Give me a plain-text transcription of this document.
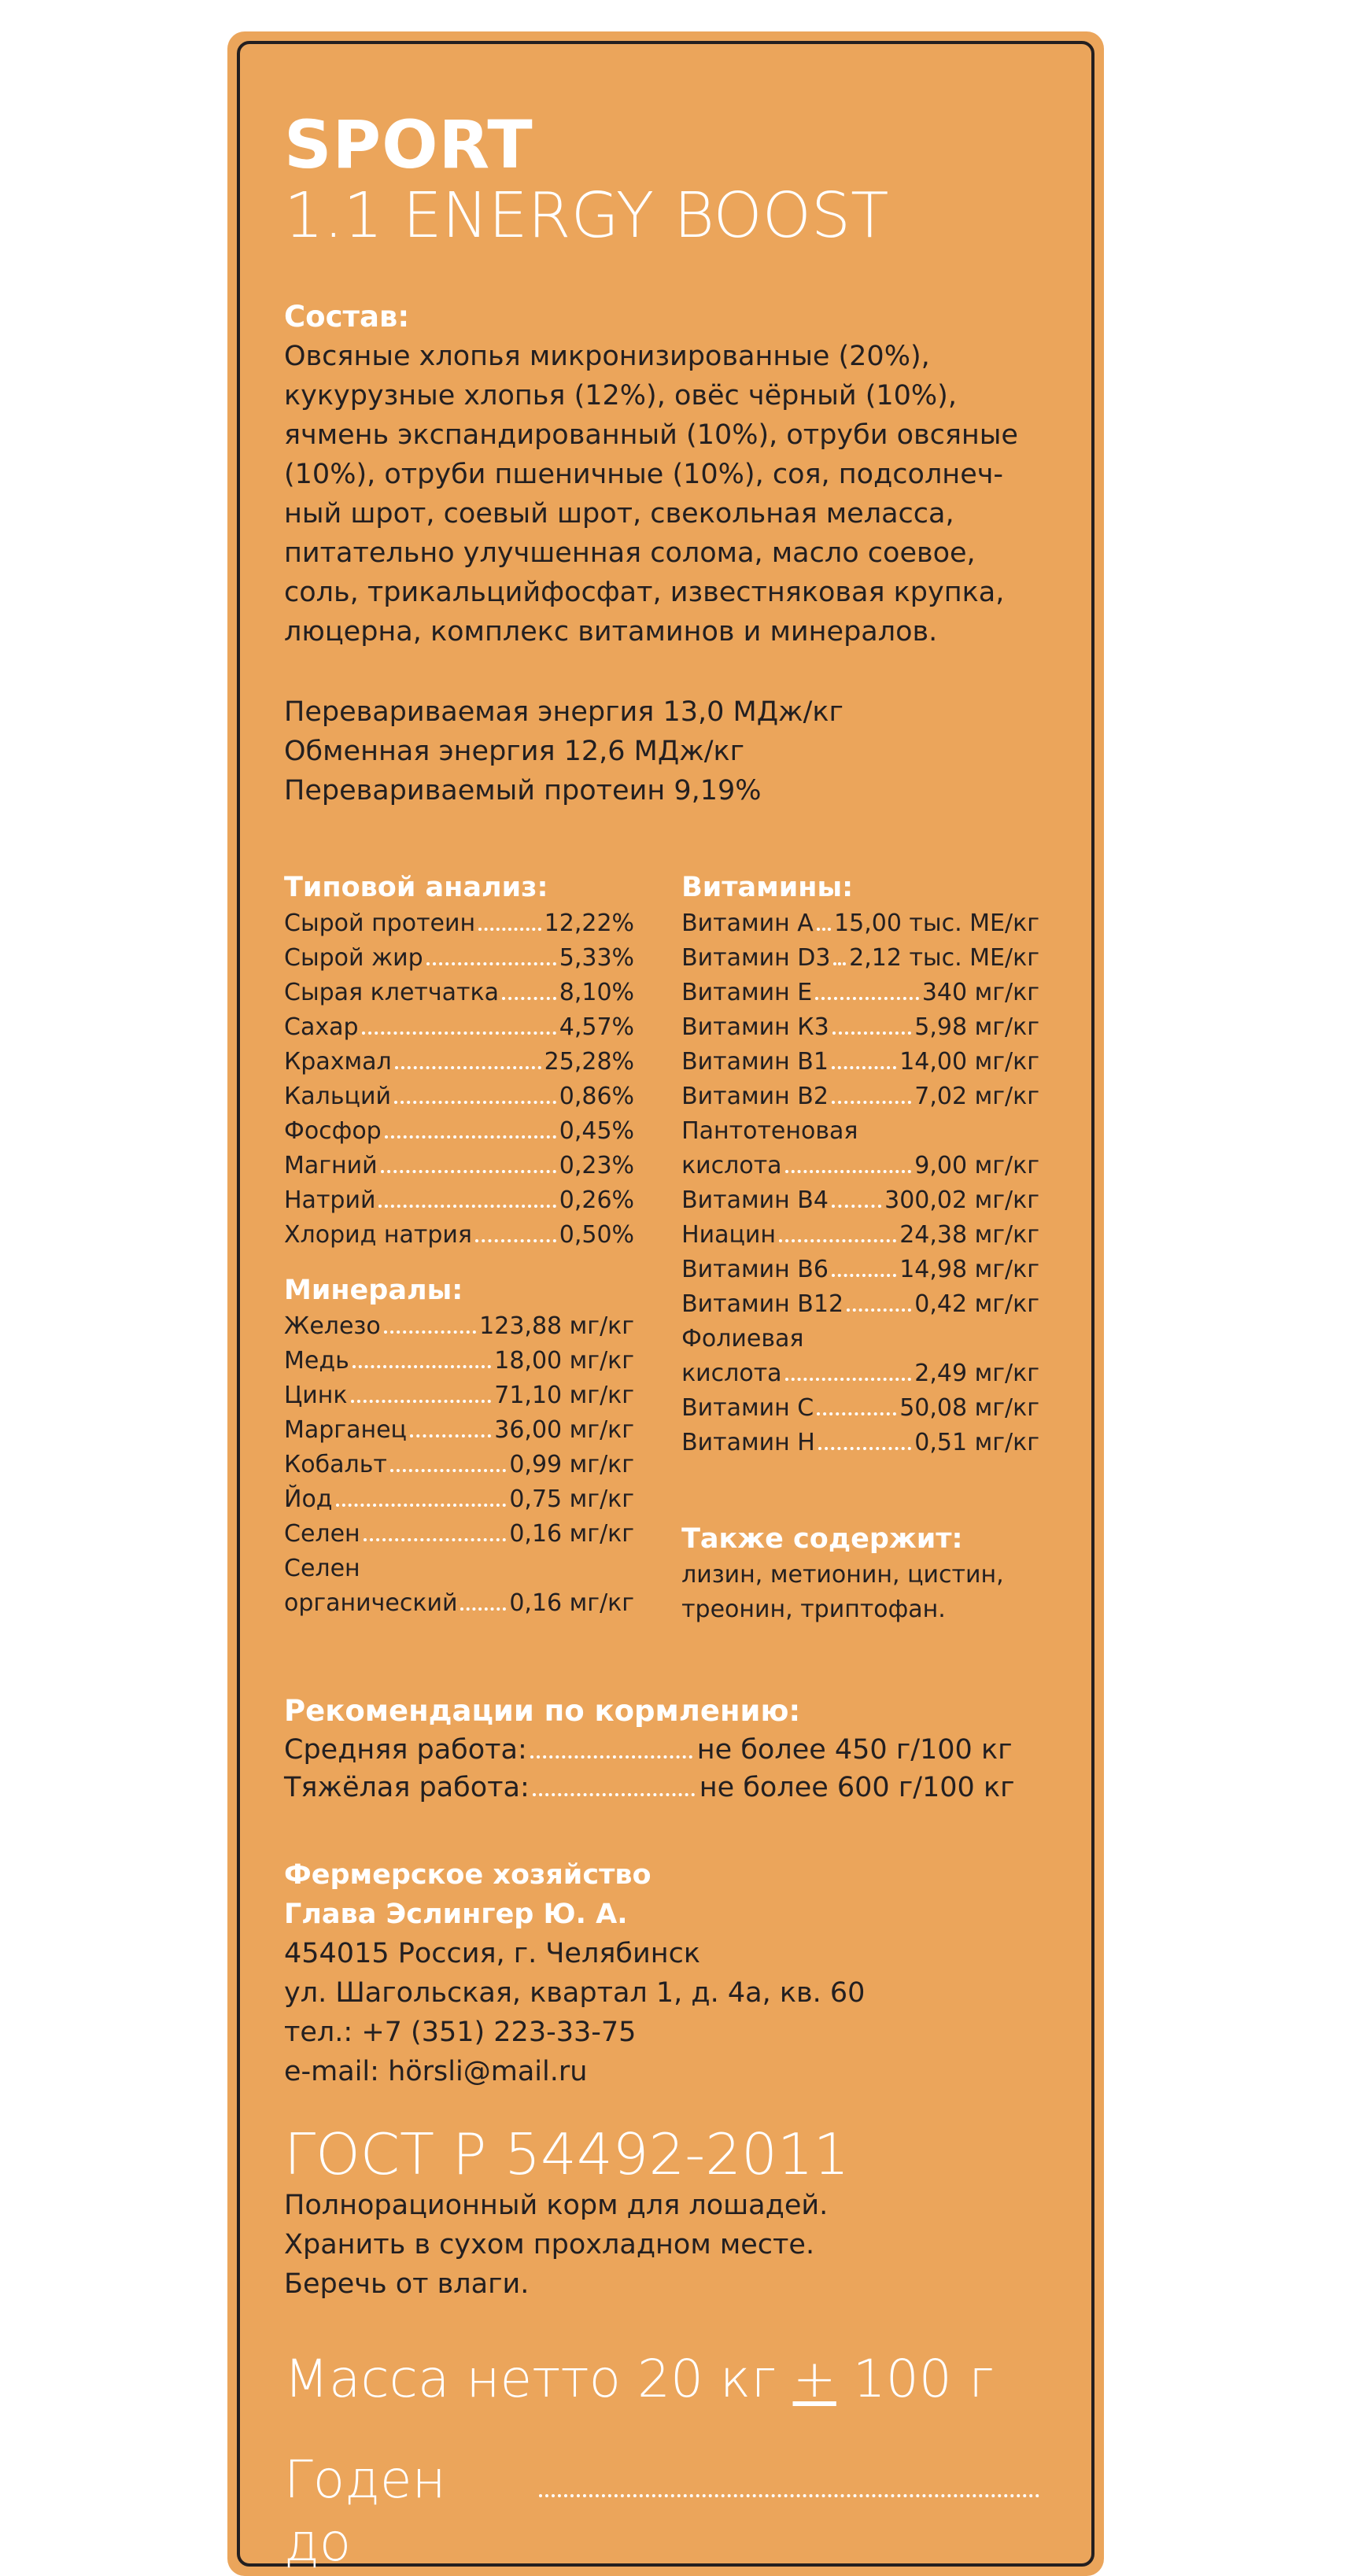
SPORT
1.1 ENERGY BOOST
Состав:
Овсяные хлопья микронизированные (20%),
кукурузные хлопья (12%), овёс чёрный (10%),
ячмень экспандированный (10%), отруби овсяные
(10%), отруби пшеничные (10%), соя, подсолнеч-
ный шрот, соевый шрот, свекольная меласса,
питательно улучшенная солома, масло соевое,
соль, трикальцийфосфат, известняковая крупка,
люцерна, комплекс витаминов и минералов.
Перевариваемая энергия 13,0 МДж/кг
Обменная энергия 12,6 МДж/кг
Перевариваемый протеин 9,19%
Типовой анализ:
Сырой протеин	12,22%
Сырой жир	5,33%
Сырая клетчатка	8,10%
Сахар	4,57%
Крахмал	25,28%
Кальций	0,86%
Фосфор	0,45%
Магний	0,23%
Натрий	0,26%
Хлорид натрия	0,50%
Минералы:
Железо	123,88 мг/кг
Медь	18,00 мг/кг
Цинк	71,10 мг/кг
Марганец	36,00 мг/кг
Кобальт	0,99 мг/кг
Йод	0,75 мг/кг
Селен	0,16 мг/кг
Селен
органический 0,16 мг/кг
Витамины:
Витамин А 15,00 тыс. МЕ/кг
Витамин D3 2,12 тыс. МЕ/кг
Витамин Е	340 мг/кг
Витамин К3	5,98 мг/кг
Витамин В1	14,00 мг/кг
Витамин В2	7,02 мг/кг
Пантотеновая
кислота	9,00 мг/кг
Витамин В4 300,02 мг/кг
Ниацин	24,38 мг/кг
Витамин В6	14,98 мг/кг
Витамин В12	0,42 мг/кг
Фолиевая
кислота	2,49 мг/кг
Витамин С	50,08 мг/кг
Витамин Н	0,51 мг/кг
Также содержит:
лизин, метионин, цистин,
треонин, триптофан.
Рекомендации по кормлению:
Средняя работа:	не более 450 г/100 кг
Тяжёлая работа:	не более 600 г/100 кг
Фермерское хозяйство
Глава Эслингер Ю. А.
454015 Россия, г. Челябинск
ул. Шагольская, квартал 1, д. 4а, кв. 60
тел.: +7 (351) 223-33-75
e-mail: hörsli@mail.ru
ГОСТ Р 54492-2011
Полнорационный корм для лошадей.
Хранить в сухом прохладном месте.
Беречь от влаги.
Масса нетто 20 кг + 100 г
Годен до
